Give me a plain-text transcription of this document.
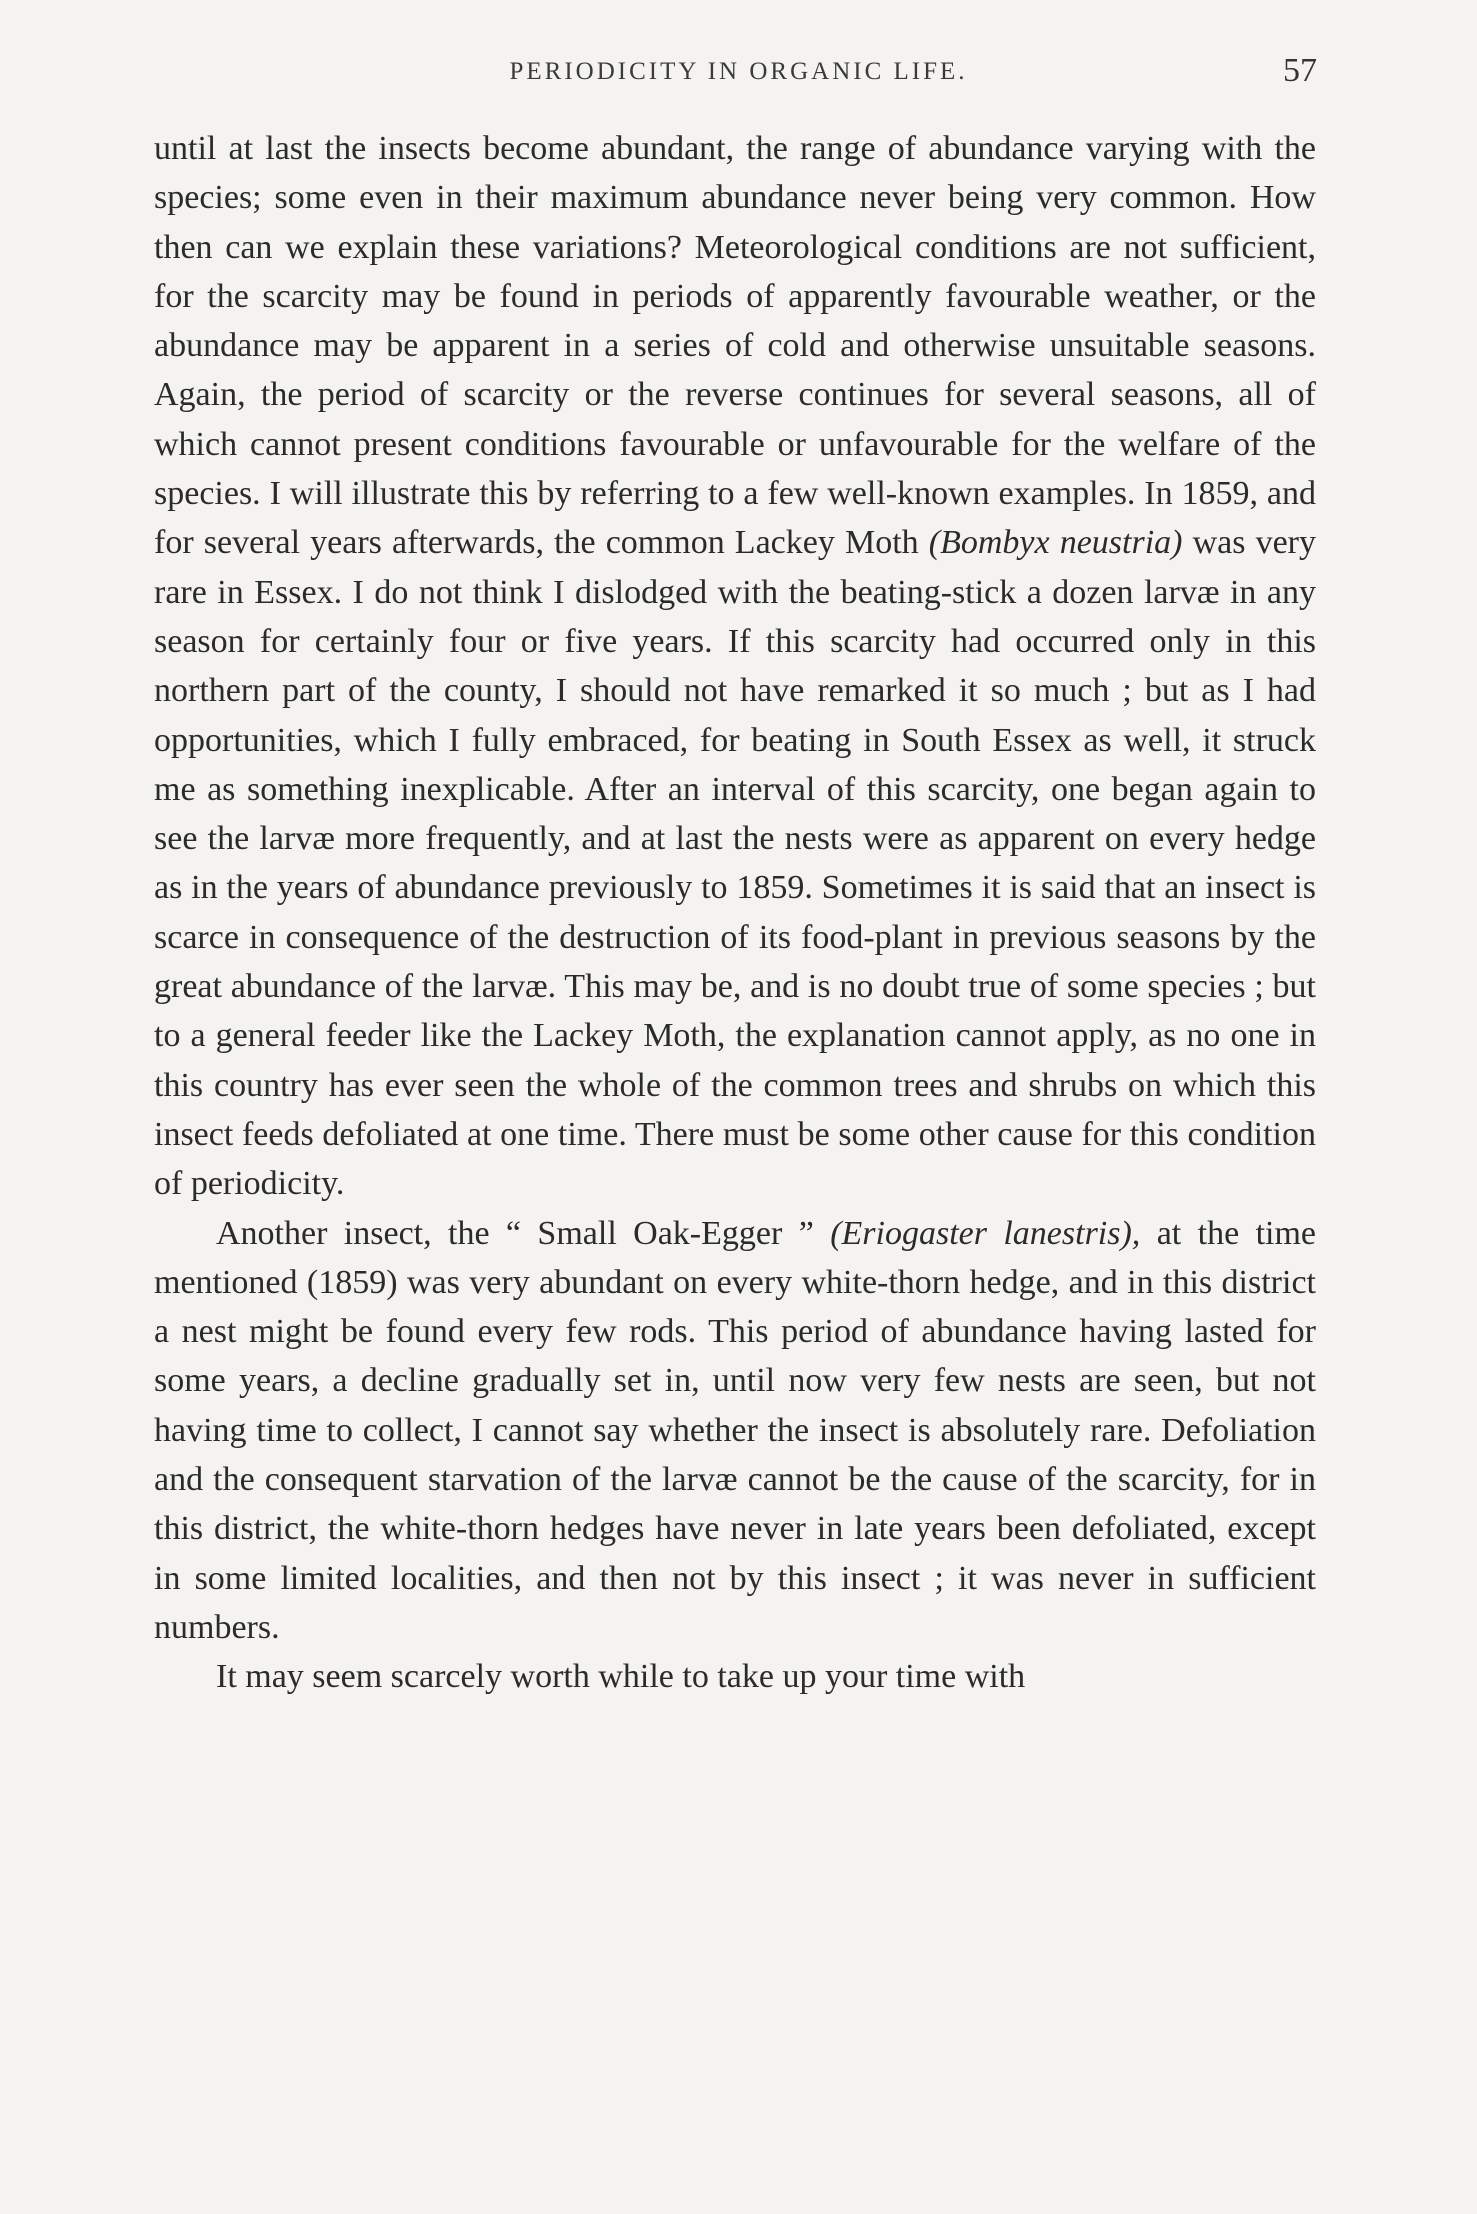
PERIODICITY IN ORGANIC LIFE.	57

until at last the insects become abundant, the range of abundance varying with the species; some even in their maximum abundance never being very common. How then can we explain these variations? Meteorological conditions are not sufficient, for the scarcity may be found in periods of apparently favourable weather, or the abundance may be apparent in a series of cold and otherwise unsuitable seasons. Again, the period of scarcity or the reverse continues for several seasons, all of which cannot present conditions favourable or unfavourable for the welfare of the species. I will illustrate this by referring to a few well-known examples. In 1859, and for several years afterwards, the common Lackey Moth (Bombyx neustria) was very rare in Essex. I do not think I dislodged with the beating-stick a dozen larvæ in any season for certainly four or five years. If this scarcity had occurred only in this northern part of the county, I should not have remarked it so much ; but as I had opportunities, which I fully embraced, for beating in South Essex as well, it struck me as something inexplicable. After an interval of this scarcity, one began again to see the larvæ more frequently, and at last the nests were as apparent on every hedge as in the years of abundance previously to 1859. Sometimes it is said that an insect is scarce in consequence of the destruction of its food-plant in previous seasons by the great abundance of the larvæ. This may be, and is no doubt true of some species ; but to a general feeder like the Lackey Moth, the explanation cannot apply, as no one in this country has ever seen the whole of the common trees and shrubs on which this insect feeds defoliated at one time. There must be some other cause for this condition of periodicity.

Another insect, the “ Small Oak-Egger ” (Eriogaster lanestris), at the time mentioned (1859) was very abundant on every white-thorn hedge, and in this district a nest might be found every few rods. This period of abundance having lasted for some years, a decline gradually set in, until now very few nests are seen, but not having time to collect, I cannot say whether the insect is absolutely rare. Defoliation and the consequent starvation of the larvæ cannot be the cause of the scarcity, for in this district, the white-thorn hedges have never in late years been defoliated, except in some limited localities, and then not by this insect ; it was never in sufficient numbers.

It may seem scarcely worth while to take up your time with
